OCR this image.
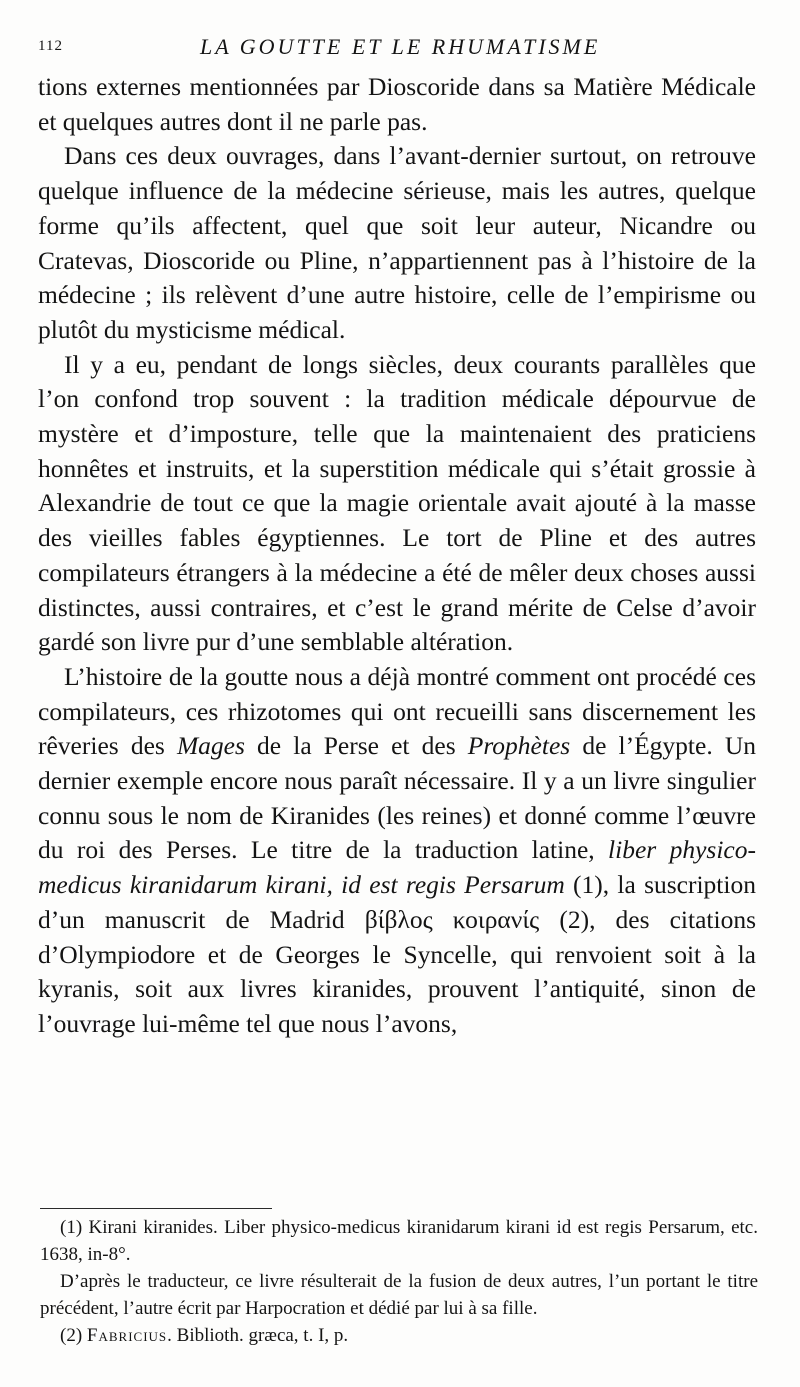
112	LA GOUTTE ET LE RHUMATISME

tions externes mentionnées par Dioscoride dans sa Matière Médicale et quelques autres dont il ne parle pas.

Dans ces deux ouvrages, dans l’avant-dernier surtout, on retrouve quelque influence de la médecine sérieuse, mais les autres, quelque forme qu’ils affectent, quel que soit leur auteur, Nicandre ou Cratevas, Dioscoride ou Pline, n’appartiennent pas à l’histoire de la médecine ; ils relèvent d’une autre histoire, celle de l’empirisme ou plutôt du mysticisme médical.

Il y a eu, pendant de longs siècles, deux courants parallèles que l’on confond trop souvent : la tradition médicale dépourvue de mystère et d’imposture, telle que la maintenaient des praticiens honnêtes et instruits, et la superstition médicale qui s’était grossie à Alexandrie de tout ce que la magie orientale avait ajouté à la masse des vieilles fables égyptiennes. Le tort de Pline et des autres compilateurs étrangers à la médecine a été de mêler deux choses aussi distinctes, aussi contraires, et c’est le grand mérite de Celse d’avoir gardé son livre pur d’une semblable altération.

L’histoire de la goutte nous a déjà montré comment ont procédé ces compilateurs, ces rhizotomes qui ont recueilli sans discernement les rêveries des Mages de la Perse et des Prophètes de l’Égypte. Un dernier exemple encore nous paraît nécessaire. Il y a un livre singulier connu sous le nom de Kiranides (les reines) et donné comme l’œuvre du roi des Perses. Le titre de la traduction latine, liber physico-medicus kiranidarum kirani, id est regis Persarum (1), la suscription d’un manuscrit de Madrid βίβλος κοιρανίς (2), des citations d’Olympiodore et de Georges le Syncelle, qui renvoient soit à la kyranis, soit aux livres kiranides, prouvent l’antiquité, sinon de l’ouvrage lui-même tel que nous l’avons,

(1) Kirani kiranides. Liber physico-medicus kiranidarum kirani id est regis Persarum, etc. 1638, in-8°.

D’après le traducteur, ce livre résulterait de la fusion de deux autres, l’un portant le titre précédent, l’autre écrit par Harpocration et dédié par lui à sa fille.

(2) Fabricius. Biblioth. græca, t. I, p.
